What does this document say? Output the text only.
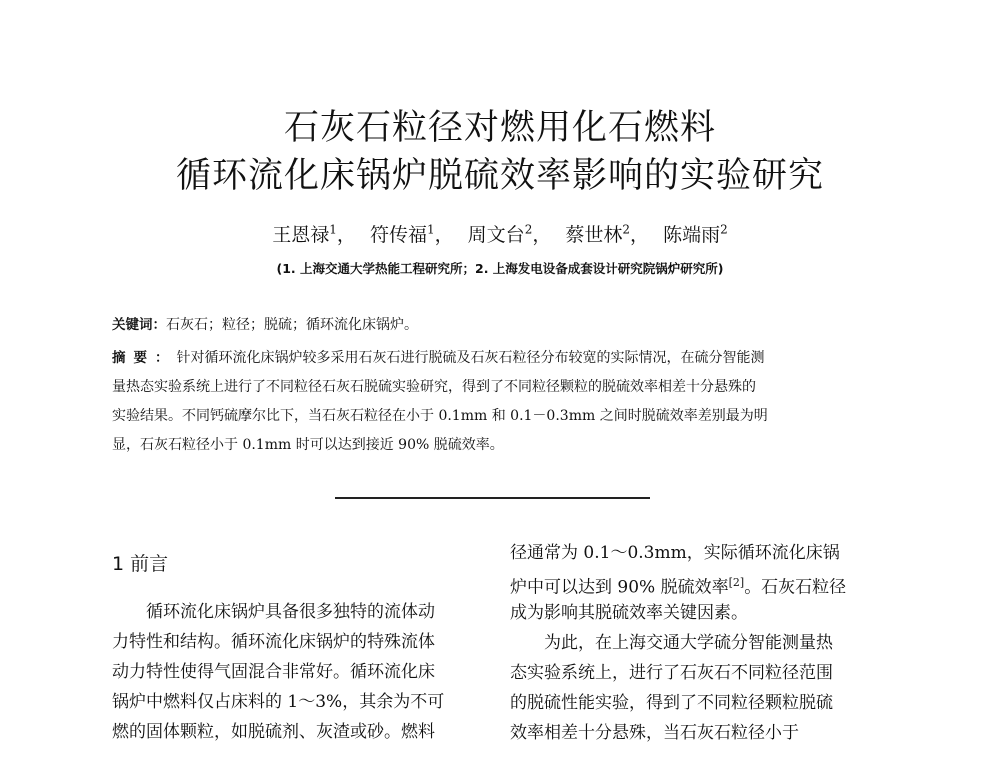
石灰石粒径对燃用化石燃料
循环流化床锅炉脱硫效率影响的实验研究
王恩禄$^1$， 符传福$^1$， 周文台$^2$， 蔡世林$^2$， 陈端雨$^2$
(1. 上海交通大学热能工程研究所；2. 上海发电设备成套设计研究院锅炉研究所)
关键词：石灰石；粒径；脱硫；循环流化床锅炉。
摘要：针对循环流化床锅炉较多采用石灰石进行脱硫及石灰石粒径分布较宽的实际情况，在硫分智能测
量热态实验系统上进行了不同粒径石灰石脱硫实验研究，得到了不同粒径颗粒的脱硫效率相差十分悬殊的
实验结果。不同钙硫摩尔比下，当石灰石粒径在小于 0.1mm 和 0.1－0.3mm 之间时脱硫效率差别最为明
显，石灰石粒径小于 0.1mm 时可以达到接近 90% 脱硫效率。
1 前言
循环流化床锅炉具备很多独特的流体动
力特性和结构。循环流化床锅炉的特殊流体
动力特性使得气固混合非常好。循环流化床
锅炉中燃料仅占床料的 1～3%，其余为不可
燃的固体颗粒，如脱硫剂、灰渣或砂。燃料
径通常为 0.1～0.3mm，实际循环流化床锅
炉中可以达到 90% 脱硫效率[2]。石灰石粒径
成为影响其脱硫效率关键因素。
为此，在上海交通大学硫分智能测量热
态实验系统上，进行了石灰石不同粒径范围
的脱硫性能实验，得到了不同粒径颗粒脱硫
效率相差十分悬殊，当石灰石粒径小于
